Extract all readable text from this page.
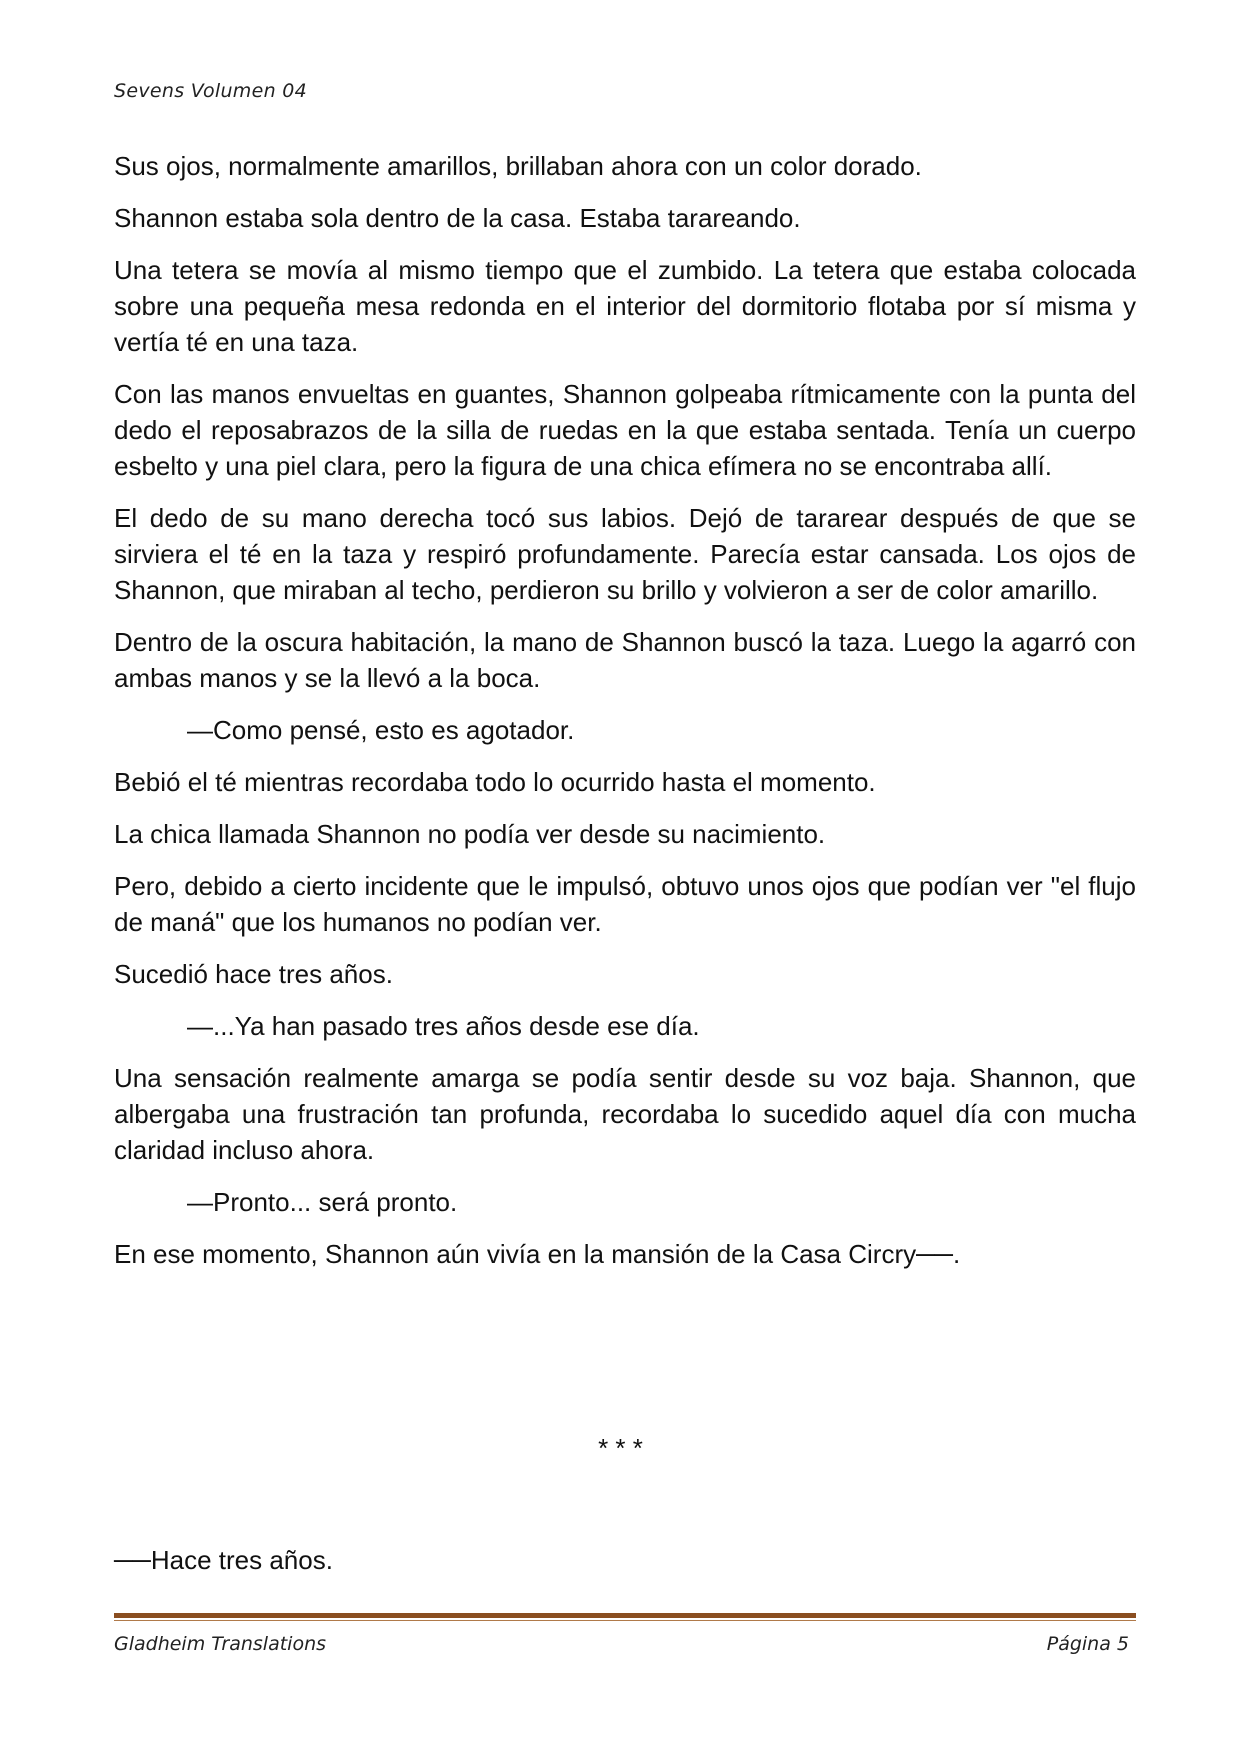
Sevens Volumen 04

Sus ojos, normalmente amarillos, brillaban ahora con un color dorado.

Shannon estaba sola dentro de la casa. Estaba tarareando.

Una tetera se movía al mismo tiempo que el zumbido. La tetera que estaba colocada sobre una pequeña mesa redonda en el interior del dormitorio flotaba por sí misma y vertía té en una taza.

Con las manos envueltas en guantes, Shannon golpeaba rítmicamente con la punta del dedo el reposabrazos de la silla de ruedas en la que estaba sentada. Tenía un cuerpo esbelto y una piel clara, pero la figura de una chica efímera no se encontraba allí.

El dedo de su mano derecha tocó sus labios. Dejó de tararear después de que se sirviera el té en la taza y respiró profundamente. Parecía estar cansada. Los ojos de Shannon, que miraban al techo, perdieron su brillo y volvieron a ser de color amarillo.

Dentro de la oscura habitación, la mano de Shannon buscó la taza. Luego la agarró con ambas manos y se la llevó a la boca.

—Como pensé, esto es agotador.

Bebió el té mientras recordaba todo lo ocurrido hasta el momento.

La chica llamada Shannon no podía ver desde su nacimiento.

Pero, debido a cierto incidente que le impulsó, obtuvo unos ojos que podían ver "el flujo de maná" que los humanos no podían ver.

Sucedió hace tres años.

—...Ya han pasado tres años desde ese día.

Una sensación realmente amarga se podía sentir desde su voz baja. Shannon, que albergaba una frustración tan profunda, recordaba lo sucedido aquel día con mucha claridad incluso ahora.

—Pronto... será pronto.

En ese momento, Shannon aún vivía en la mansión de la Casa Circry──.

* * *
──Hace tres años.
Gladheim Translations	Página 5
